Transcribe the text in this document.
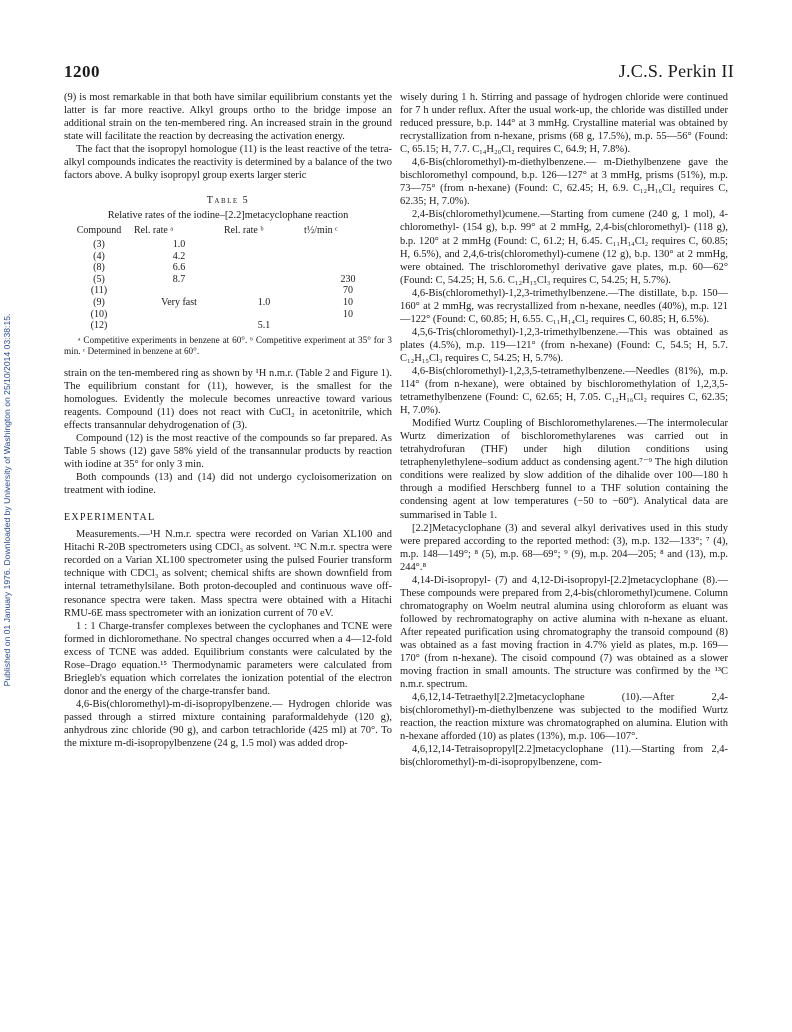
Published on 01 January 1976. Downloaded by University of Washington on 25/10/2014 03:38:15.
1200	J.C.S. Perkin II

(9) is most remarkable in that both have similar equilibrium constants yet the latter is far more reactive. Alkyl groups ortho to the bridge impose an additional strain on the ten-membered ring. An increased strain in the ground state will facilitate the reaction by decreasing the activation energy.

The fact that the isopropyl homologue (11) is the least reactive of the tetra-alkyl compounds indicates the reactivity is determined by a balance of the two factors above. A bulky isopropyl group exerts larger steric

Table 5
Relative rates of the iodine–[2.2]metacyclophane reaction
Compound	Rel. rate ᵃ	Rel. rate ᵇ	t½/min ᶜ
(3)	1.0		
(4)	4.2		
(8)	6.6		
(5)	8.7		230
(11)			70
(9)	Very fast	1.0	10
(10)			10
(12)		5.1	
ᵃ Competitive experiments in benzene at 60°. ᵇ Competitive experiment at 35° for 3 min. ᶜ Determined in benzene at 60°.

strain on the ten-membered ring as shown by ¹H n.m.r. (Table 2 and Figure 1). The equilibrium constant for (11), however, is the smallest for the homologues. Evidently the molecule becomes unreactive toward various reagents. Compound (11) does not react with CuCl₂ in acetonitrile, which effects transannular dehydrogenation of (3).

Compound (12) is the most reactive of the compounds so far prepared. As Table 5 shows (12) gave 58% yield of the transannular products by reaction with iodine at 35° for only 3 min.

Both compounds (13) and (14) did not undergo cycloisomerization on treatment with iodine.

EXPERIMENTAL

Measurements.—¹H N.m.r. spectra were recorded on Varian XL100 and Hitachi R-20B spectrometers using CDCl₃ as solvent. ¹³C N.m.r. spectra were recorded on a Varian XL100 spectrometer using the pulsed Fourier transform technique with CDCl₃ as solvent; chemical shifts are shown downfield from internal tetramethylsilane. Both proton-decoupled and continuous wave off-resonance spectra were taken. Mass spectra were obtained with a Hitachi RMU-6E mass spectrometer with an ionization current of 70 eV.

1 : 1 Charge-transfer complexes between the cyclophanes and TCNE were formed in dichloromethane. No spectral changes occurred when a 4—12-fold excess of TCNE was added. Equilibrium constants were calculated by the Rose–Drago equation.¹⁵ Thermodynamic parameters were calculated from Briegleb's equation which correlates the ionization potential of the electron donor and the energy of the charge-transfer band.

4,6-Bis(chloromethyl)-m-di-isopropylbenzene.— Hydrogen chloride was passed through a stirred mixture containing paraformaldehyde (120 g), anhydrous zinc chloride (90 g), and carbon tetrachloride (425 ml) at 70°. To the mixture m-di-isopropylbenzene (24 g, 1.5 mol) was added drop-

wisely during 1 h. Stirring and passage of hydrogen chloride were continued for 7 h under reflux. After the usual work-up, the chloride was distilled under reduced pressure, b.p. 144° at 3 mmHg. Crystalline material was obtained by recrystallization from n-hexane, prisms (68 g, 17.5%), m.p. 55—56° (Found: C, 65.15; H, 7.7. C₁₄H₂₀Cl₂ requires C, 64.9; H, 7.8%).

4,6-Bis(chloromethyl)-m-diethylbenzene.— m-Diethylbenzene gave the bischloromethyl compound, b.p. 126—127° at 3 mmHg, prisms (51%), m.p. 73—75° (from n-hexane) (Found: C, 62.45; H, 6.9. C₁₂H₁₆Cl₂ requires C, 62.35; H, 7.0%).

2,4-Bis(chloromethyl)cumene.—Starting from cumene (240 g, 1 mol), 4-chloromethyl- (154 g), b.p. 99° at 2 mmHg, 2,4-bis(chloromethyl)- (118 g), b.p. 120° at 2 mmHg (Found: C, 61.2; H, 6.45. C₁₁H₁₄Cl₂ requires C, 60.85; H, 6.5%), and 2,4,6-tris(chloromethyl)-cumene (12 g), b.p. 130° at 2 mmHg, were obtained. The trischloromethyl derivative gave plates, m.p. 60—62° (Found: C, 54.25; H, 5.6. C₁₂H₁₅Cl₃ requires C, 54.25; H, 5.7%).

4,6-Bis(chloromethyl)-1,2,3-trimethylbenzene.—The distillate, b.p. 150—160° at 2 mmHg, was recrystallized from n-hexane, needles (40%), m.p. 121—122° (Found: C, 60.85; H, 6.55. C₁₁H₁₄Cl₂ requires C, 60.85; H, 6.5%).

4,5,6-Tris(chloromethyl)-1,2,3-trimethylbenzene.—This was obtained as plates (4.5%), m.p. 119—121° (from n-hexane) (Found: C, 54.5; H, 5.7. C₁₂H₁₅Cl₃ requires C, 54.25; H, 5.7%).

4,6-Bis(chloromethyl)-1,2,3,5-tetramethylbenzene.—Needles (81%), m.p. 114° (from n-hexane), were obtained by bischloromethylation of 1,2,3,5-tetramethylbenzene (Found: C, 62.65; H, 7.05. C₁₂H₁₆Cl₂ requires C, 62.35; H, 7.0%).

Modified Wurtz Coupling of Bischloromethylarenes.—The intermolecular Wurtz dimerization of bischloromethylarenes was carried out in tetrahydrofuran (THF) under high dilution conditions using tetraphenylethylene–sodium adduct as condensing agent.⁷⁻⁹ The high dilution conditions were realized by slow addition of the dihalide over 100—180 h through a modified Herschberg funnel to a THF solution containing the condensing agent at low temperatures (−50 to −60°). Analytical data are summarised in Table 1.

[2.2]Metacyclophane (3) and several alkyl derivatives used in this study were prepared according to the reported method: (3), m.p. 132—133°; ⁷ (4), m.p. 148—149°; ⁸ (5), m.p. 68—69°; ⁹ (9), m.p. 204—205; ⁸ and (13), m.p. 244°.⁸

4,14-Di-isopropyl- (7) and 4,12-Di-isopropyl-[2.2]metacyclophane (8).—These compounds were prepared from 2,4-bis(chloromethyl)cumene. Column chromatography on Woelm neutral alumina using chloroform as eluant was followed by rechromatography on active alumina with n-hexane as eluant. After repeated purification using chromatography the transoid compound (8) was obtained as a fast moving fraction in 4.7% yield as plates, m.p. 169—170° (from n-hexane). The cisoid compound (7) was obtained as a slower moving fraction in small amounts. The structure was confirmed by the ¹³C n.m.r. spectrum.

4,6,12,14-Tetraethyl[2.2]metacyclophane (10).—After 2,4-bis(chloromethyl)-m-diethylbenzene was subjected to the modified Wurtz reaction, the reaction mixture was chromatographed on alumina. Elution with n-hexane afforded (10) as plates (13%), m.p. 106—107°.

4,6,12,14-Tetraisopropyl[2.2]metacyclophane (11).—Starting from 2,4-bis(chloromethyl)-m-di-isopropylbenzene, com-
